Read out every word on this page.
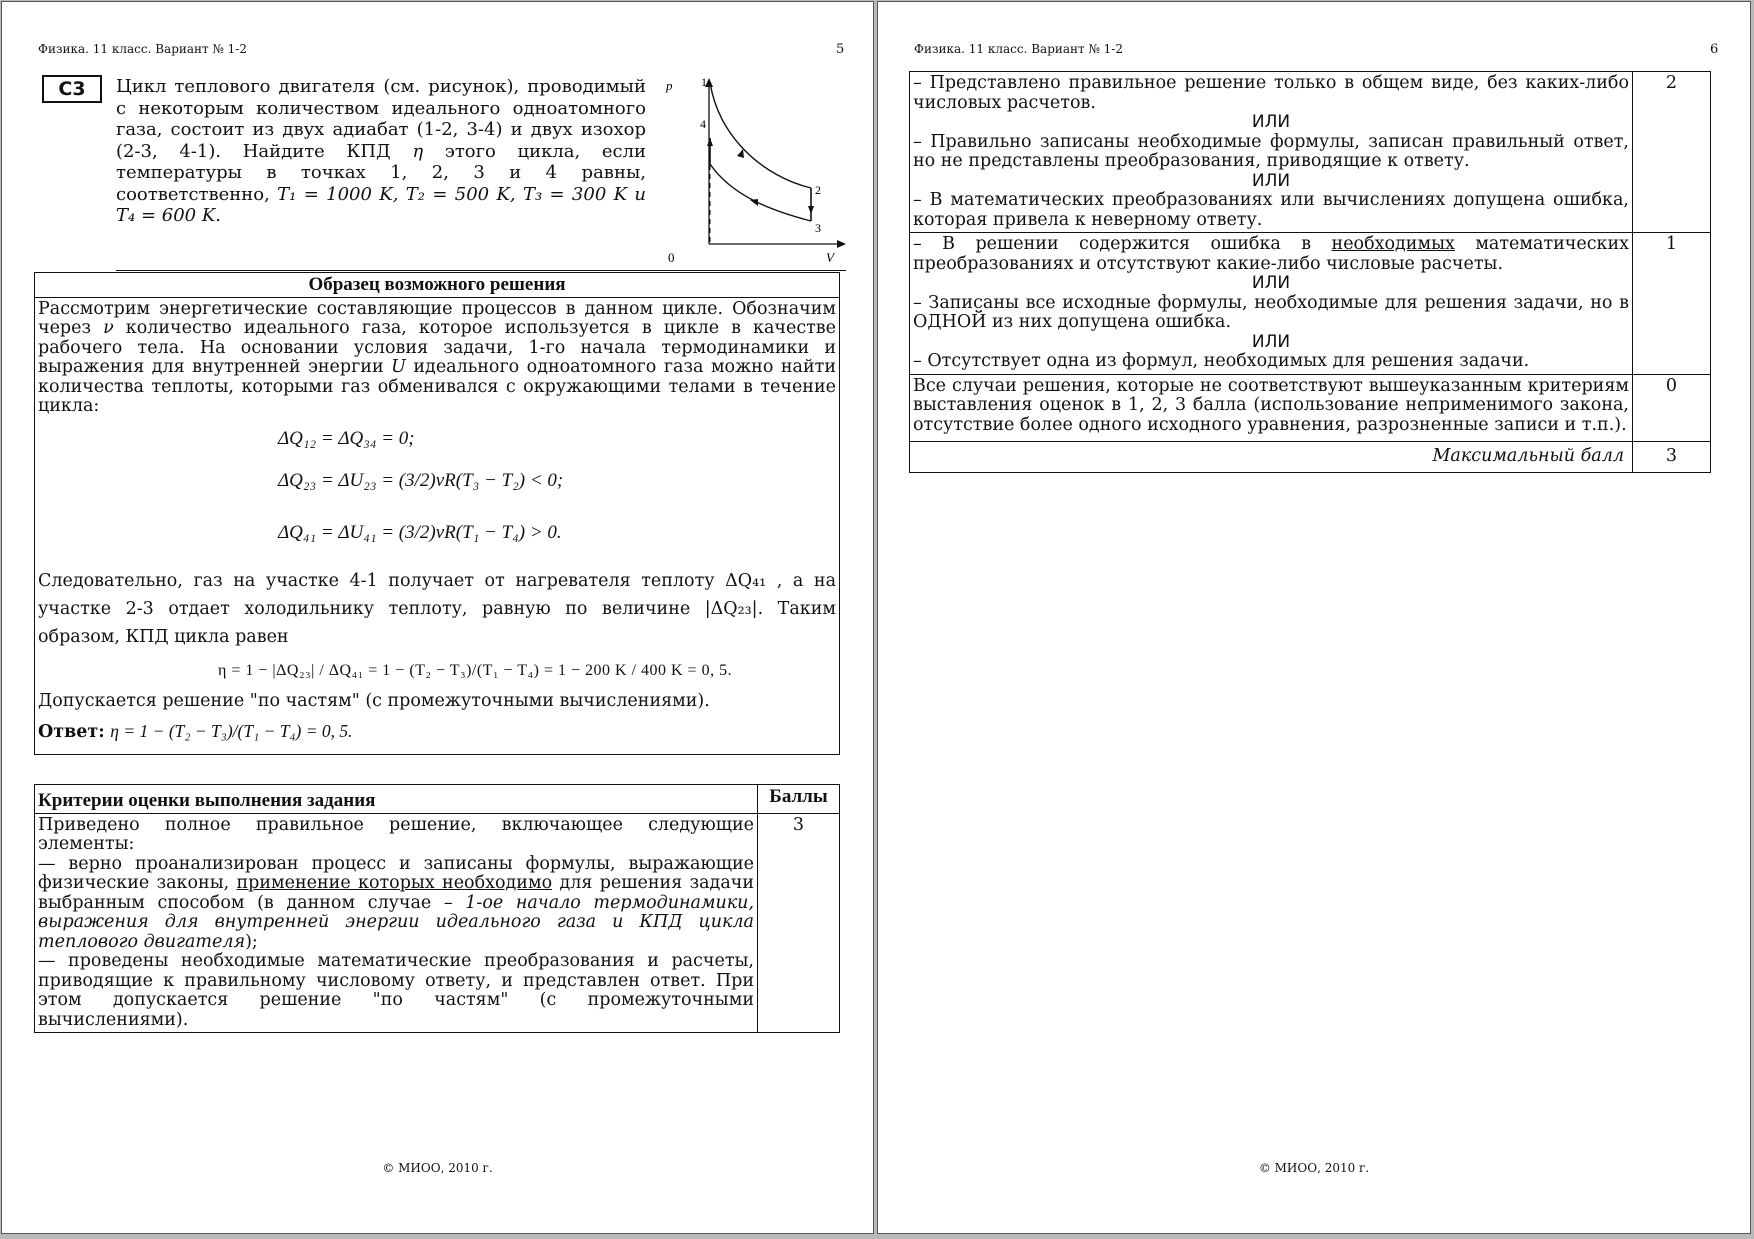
Физика. 11 класс. Вариант № 1-2	5
C3	Цикл теплового двигателя (см. рисунок), проводимый с некоторым количеством идеального одноатомного газа, состоит из двух адиабат (1-2, 3-4) и двух изохор (2-3, 4-1). Найдите КПД η этого цикла, если температуры в точках 1, 2, 3 и 4 равны, соответственно, T₁ = 1000 K, T₂ = 500 K, T₃ = 300 K и T₄ = 600 K.
p
V
0
1
2
3
4
Образец возможного решения
Рассмотрим энергетические составляющие процессов в данном цикле. Обозначим через ν количество идеального газа, которое используется в цикле в качестве рабочего тела. На основании условия задачи, 1-го начала термодинамики и выражения для внутренней энергии U идеального одноатомного газа можно найти количества теплоты, которыми газ обменивался с окружающими телами в течение цикла:
ΔQ₁₂ = ΔQ₃₄ = 0;
ΔQ₂₃ = ΔU₂₃ = (3/2)νR(T₃ − T₂) < 0;
ΔQ₄₁ = ΔU₄₁ = (3/2)νR(T₁ − T₄) > 0.
Следовательно, газ на участке 4-1 получает от нагревателя теплоту ΔQ₄₁ , а на участке 2-3 отдает холодильнику теплоту, равную по величине |ΔQ₂₃|. Таким образом, КПД цикла равен
η = 1 − |ΔQ₂₃| / ΔQ₄₁ = 1 − (T₂ − T₃)/(T₁ − T₄) = 1 − 200 K / 400 K = 0, 5.
Допускается решение "по частям" (с промежуточными вычислениями).
Ответ: η = 1 − (T₂ − T₃)/(T₁ − T₄) = 0, 5.
Критерии оценки выполнения задания	Баллы

Приведено полное правильное решение, включающее следующие элементы:
— верно проанализирован процесс и записаны формулы, выражающие физические законы, применение которых необходимо для решения задачи выбранным способом (в данном случае – 1-ое начало термодинамики, выражения для внутренней энергии идеального газа и КПД цикла теплового двигателя);
— проведены необходимые математические преобразования и расчеты, приводящие к правильному числовому ответу, и представлен ответ. При этом допускается решение "по частям" (с промежуточными вычислениями).	3
© МИОО, 2010 г.
Физика. 11 класс. Вариант № 1-2	6
– Представлено правильное решение только в общем виде, без каких-либо числовых расчетов.
ИЛИ
– Правильно записаны необходимые формулы, записан правильный ответ, но не представлены преобразования, приводящие к ответу.
ИЛИ
– В математических преобразованиях или вычислениях допущена ошибка, которая привела к неверному ответу.	2

– В решении содержится ошибка в необходимых математических преобразованиях и отсутствуют какие-либо числовые расчеты.
ИЛИ
– Записаны все исходные формулы, необходимые для решения задачи, но в ОДНОЙ из них допущена ошибка.
ИЛИ
– Отсутствует одна из формул, необходимых для решения задачи.	1
Все случаи решения, которые не соответствуют вышеуказанным критериям выставления оценок в 1, 2, 3 балла (использование неприменимого закона, отсутствие более одного исходного уравнения, разрозненные записи и т.п.).	0
Максимальный балл	3
© МИОО, 2010 г.
